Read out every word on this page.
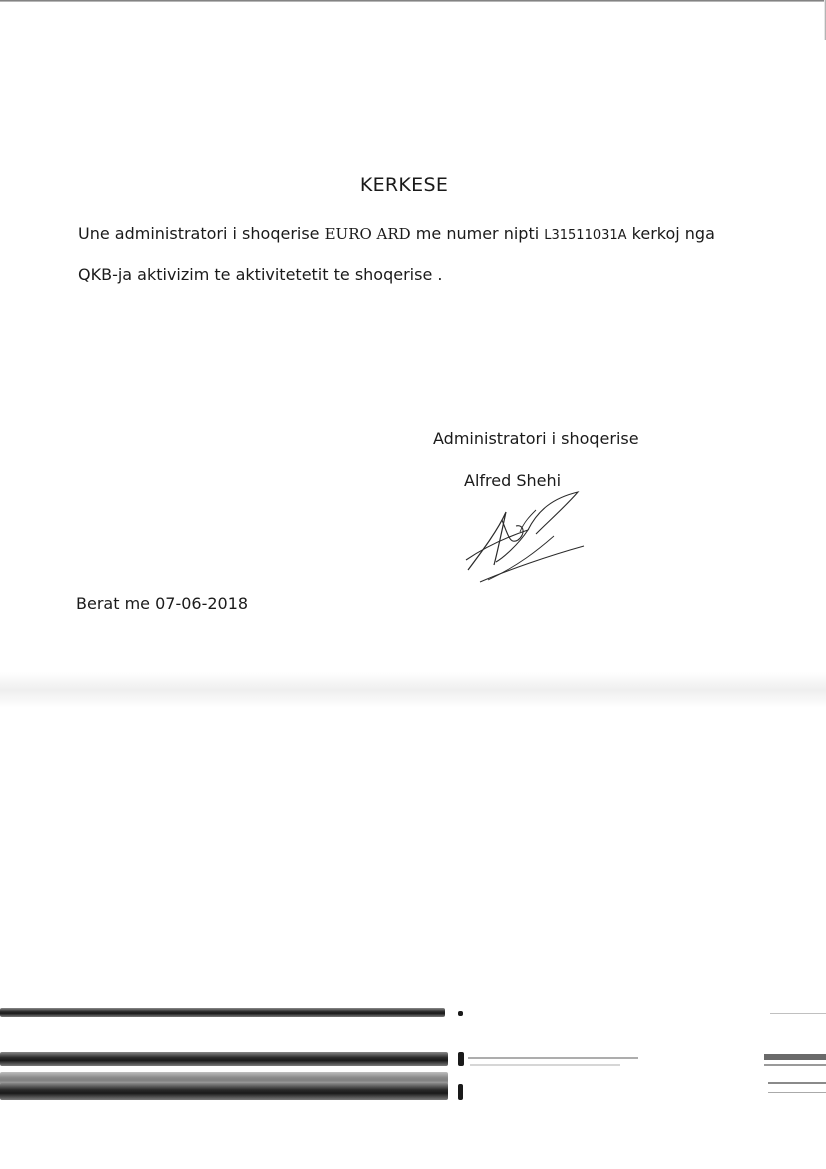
KERKESE
Une administratori i shoqerise EURO ARD me numer nipti L31511031A kerkoj nga
QKB-ja aktivizim te aktivitetetit te shoqerise .
Administratori i shoqerise
Alfred Shehi
Berat me 07-06-2018
